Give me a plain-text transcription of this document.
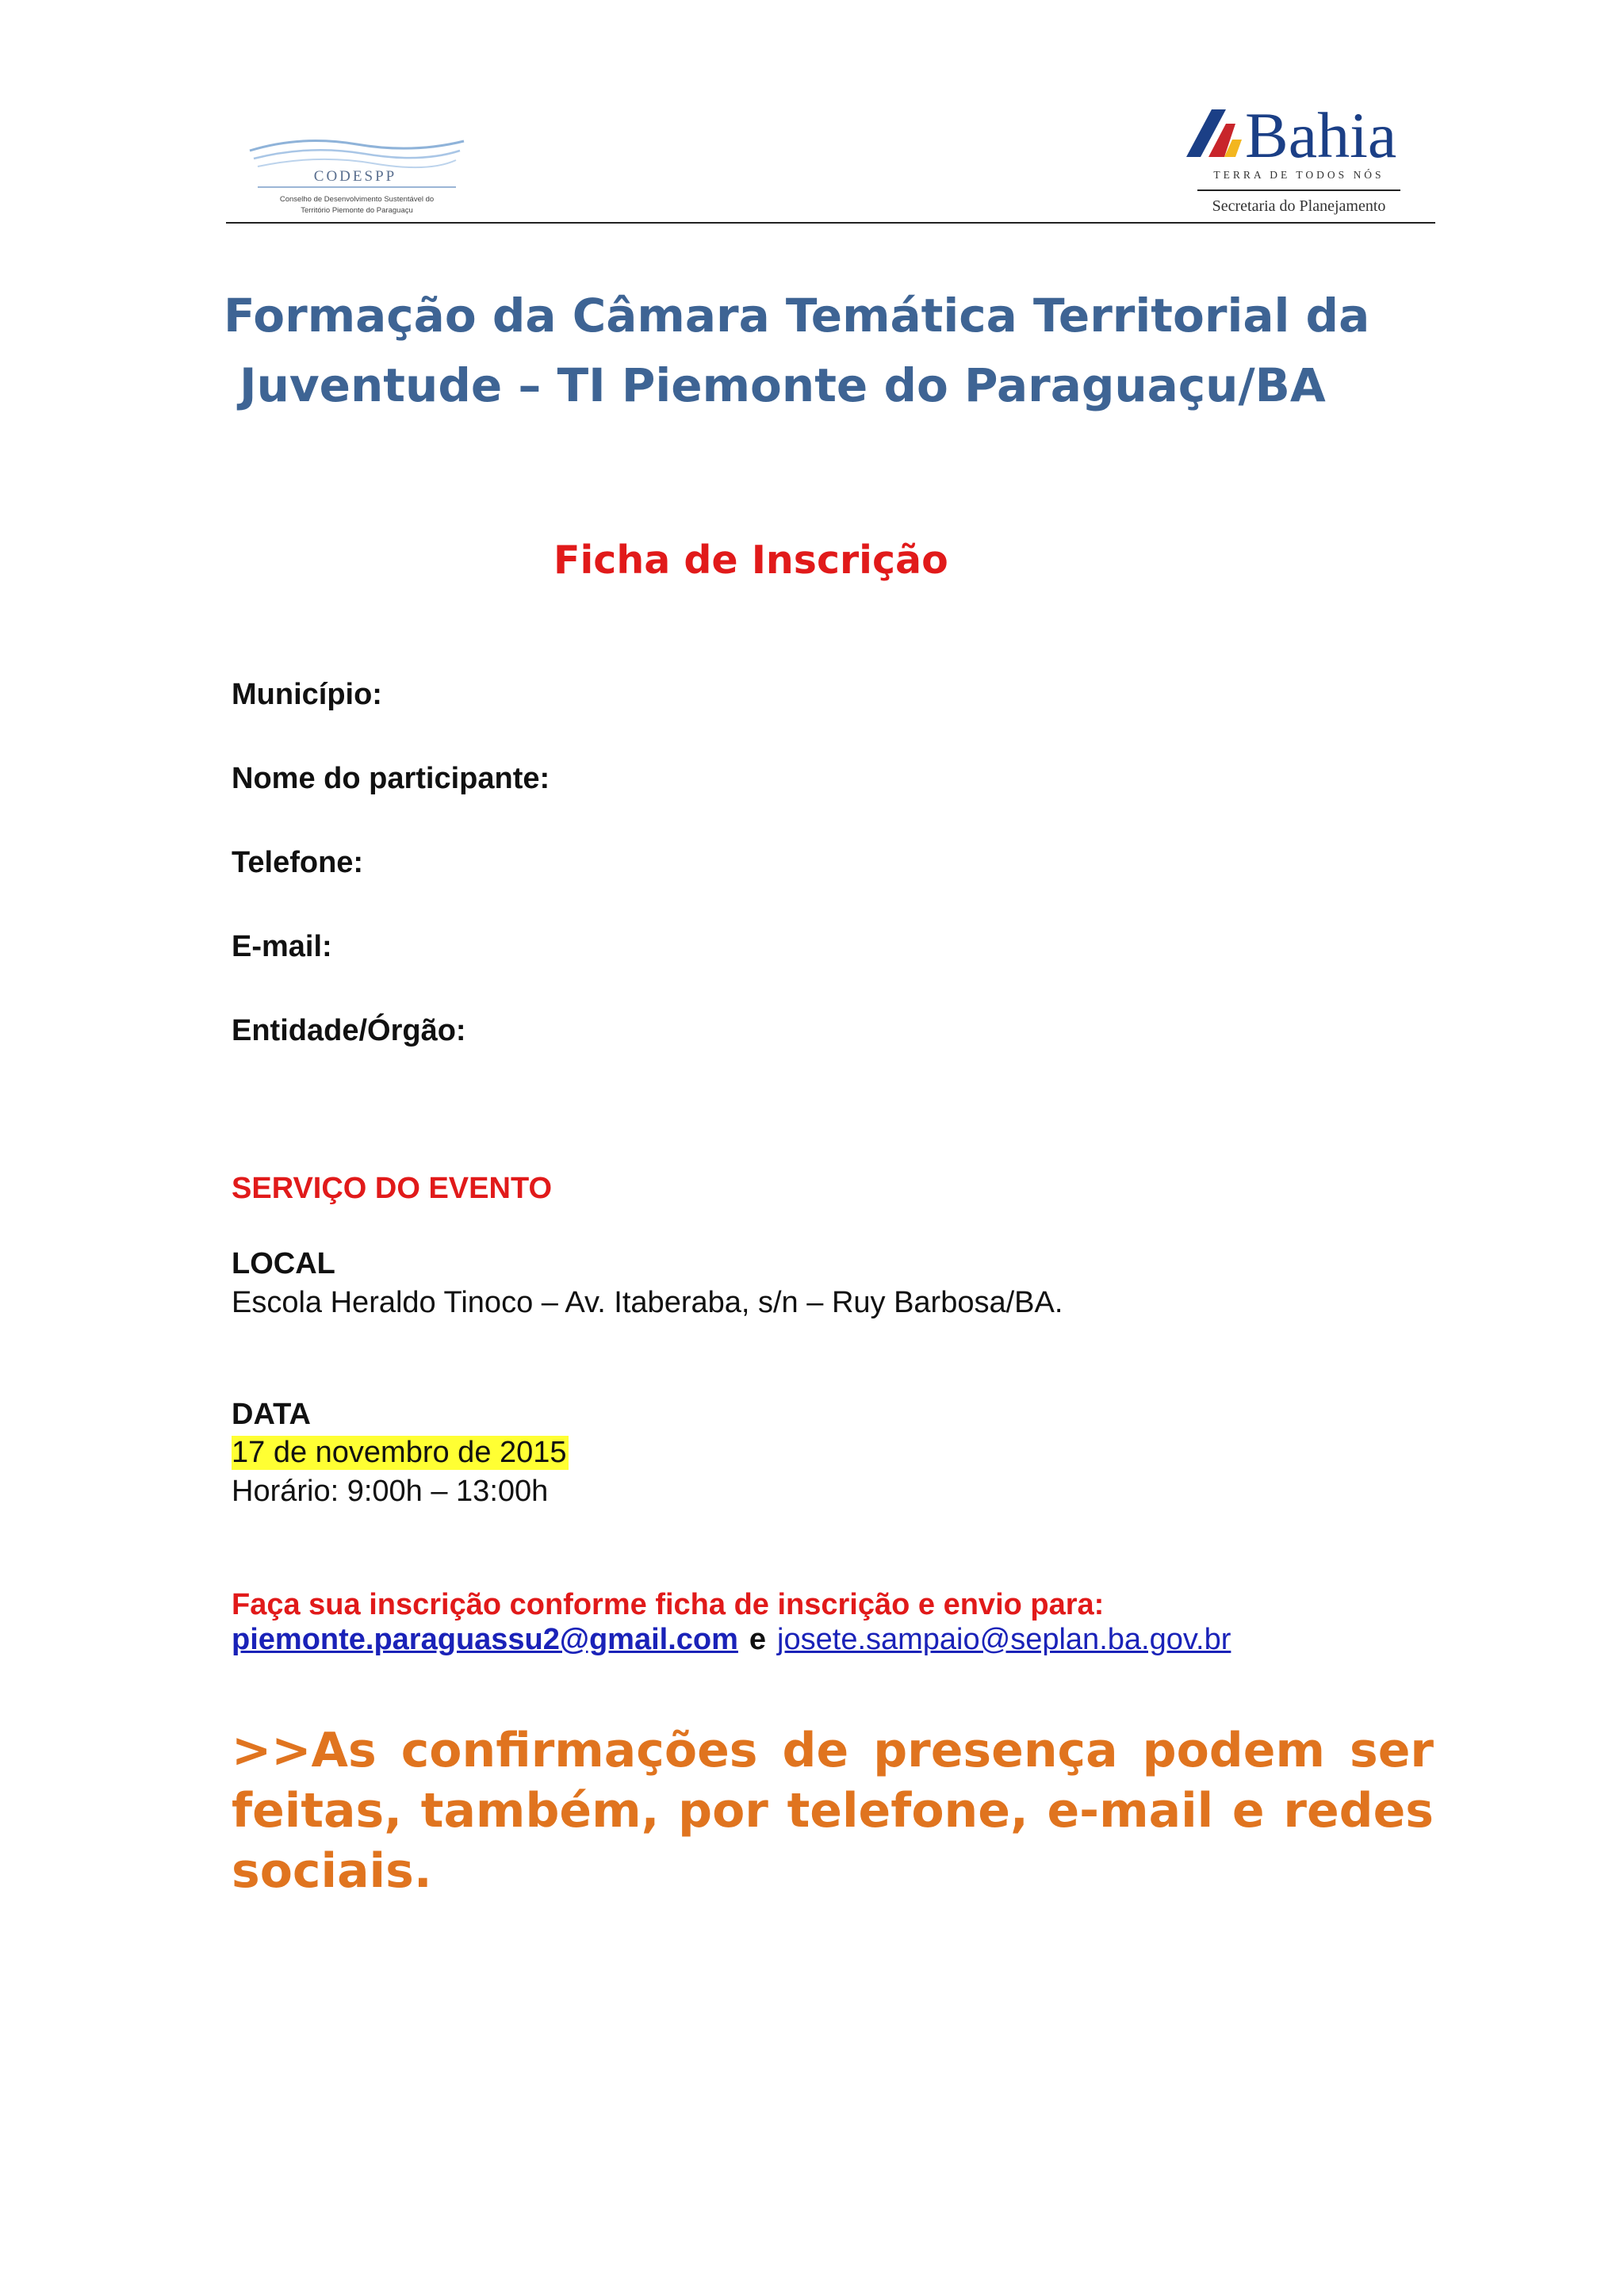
CODESPP
Conselho de Desenvolvimento Sustentável do
Território Piemonte do Paraguaçu
Bahia
TERRA DE TODOS NÓS
Secretaria do Planejamento
Formação da Câmara Temática Territorial da
Juventude – TI Piemonte do Paraguaçu/BA
Ficha de Inscrição
Município:
Nome do participante:
Telefone:
E-mail:
Entidade/Órgão:
SERVIÇO DO EVENTO
LOCAL
Escola Heraldo Tinoco – Av. Itaberaba, s/n – Ruy Barbosa/BA.
DATA
17 de novembro de 2015
Horário: 9:00h – 13:00h
Faça sua inscrição conforme ficha de inscrição e envio para:
piemonte.paraguassu2@gmail.com e josete.sampaio@seplan.ba.gov.br
>>As confirmações de presença podem ser feitas, também, por telefone, e-mail e redes sociais.
